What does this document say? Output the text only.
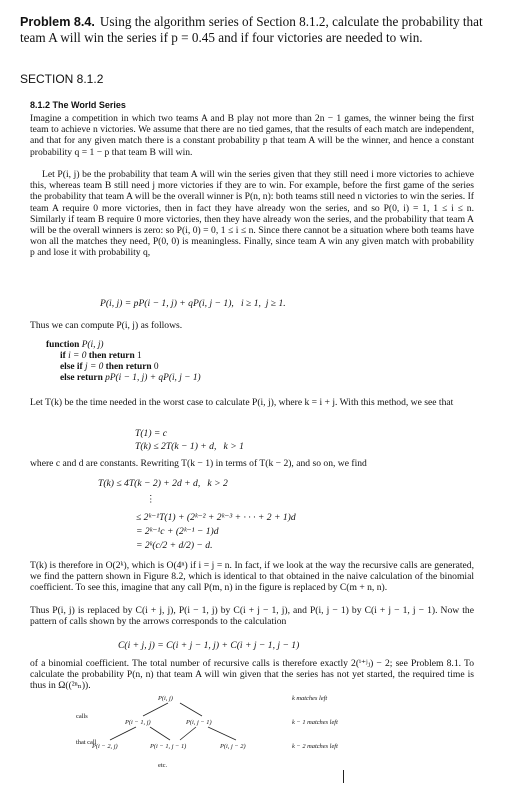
Problem 8.4. Using the algorithm series of Section 8.1.2, calculate the probability that team A will win the series if p = 0.45 and if four victories are needed to win.
SECTION 8.1.2
8.1.2 The World Series

Imagine a competition in which two teams A and B play not more than 2n − 1 games, the winner being the first team to achieve n victories. We assume that there are no tied games, that the results of each match are independent, and that for any given match there is a constant probability p that team A will be the winner, and hence a constant probability q = 1 − p that team B will win.

Let P(i, j) be the probability that team A will win the series given that they still need i more victories to achieve this, whereas team B still need j more victories if they are to win. For example, before the first game of the series the probability that team A will be the overall winner is P(n, n): both teams still need n victories to win the series. If team A require 0 more victories, then in fact they have already won the series, and so P(0, i) = 1, 1 ≤ i ≤ n. Similarly if team B require 0 more victories, then they have already won the series, and the probability that team A will be the overall winners is zero: so P(i, 0) = 0, 1 ≤ i ≤ n. Since there cannot be a situation where both teams have won all the matches they need, P(0, 0) is meaningless. Finally, since team A win any given match with probability p and lose it with probability q,

P(i, j) = pP(i − 1, j) + qP(i, j − 1),   i ≥ 1,  j ≥ 1.

Thus we can compute P(i, j) as follows.

function P(i, j)
if i = 0 then return 1
else if j = 0 then return 0
else return pP(i − 1, j) + qP(i, j − 1)

Let T(k) be the time needed in the worst case to calculate P(i, j), where k = i + j. With this method, we see that

T(1) = c
T(k) ≤ 2T(k − 1) + d,   k > 1

where c and d are constants. Rewriting T(k − 1) in terms of T(k − 2), and so on, we find

T(k) ≤ 4T(k − 2) + 2d + d,   k > 2
⋮
≤ 2ᵏ⁻¹T(1) + (2ᵏ⁻² + 2ᵏ⁻³ + · · · + 2 + 1)d
= 2ᵏ⁻¹c + (2ᵏ⁻¹ − 1)d
= 2ᵏ(c/2 + d/2) − d.

T(k) is therefore in O(2ᵏ), which is O(4ⁿ) if i = j = n. In fact, if we look at the way the recursive calls are generated, we find the pattern shown in Figure 8.2, which is identical to that obtained in the naive calculation of the binomial coefficient. To see this, imagine that any call P(m, n) in the figure is replaced by C(m + n, n).

Thus P(i, j) is replaced by C(i + j, j), P(i − 1, j) by C(i + j − 1, j), and P(i, j − 1) by C(i + j − 1, j − 1). Now the pattern of calls shown by the arrows corresponds to the calculation

C(i + j, j) = C(i + j − 1, j) + C(i + j − 1, j − 1)

of a binomial coefficient. The total number of recursive calls is therefore exactly 2(ⁱ⁺ʲⱼ) − 2; see Problem 8.1. To calculate the probability P(n, n) that team A will win given that the series has not yet started, the required time is thus in Ω((²ⁿₙ)).

P(i, j)
P(i − 1, j)	P(i, j − 1)
P(i − 2, j)	P(i − 1, j − 1)	P(i, j − 2)
calls
that call
k matches left
k − 1 matches left
k − 2 matches left
etc.
